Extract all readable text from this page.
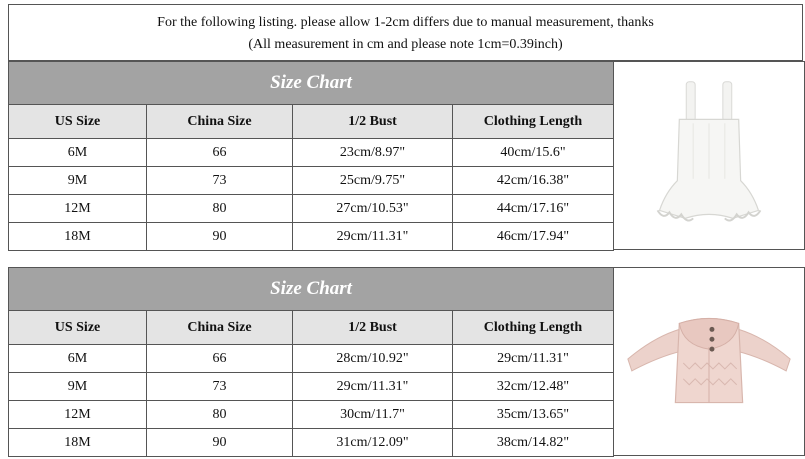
For the following listing. please allow 1-2cm differs due to manual measurement, thanks
(All measurement in cm and please note 1cm=0.39inch)
Size Chart			
US Size	China Size	1/2 Bust	Clothing Length
6M	66	23cm/8.97"	40cm/15.6"
9M	73	25cm/9.75"	42cm/16.38"
12M	80	27cm/10.53"	44cm/17.16"
18M	90	29cm/11.31"	46cm/17.94"
Size Chart			
US Size	China Size	1/2 Bust	Clothing Length
6M	66	28cm/10.92"	29cm/11.31"
9M	73	29cm/11.31"	32cm/12.48"
12M	80	30cm/11.7"	35cm/13.65"
18M	90	31cm/12.09"	38cm/14.82"
